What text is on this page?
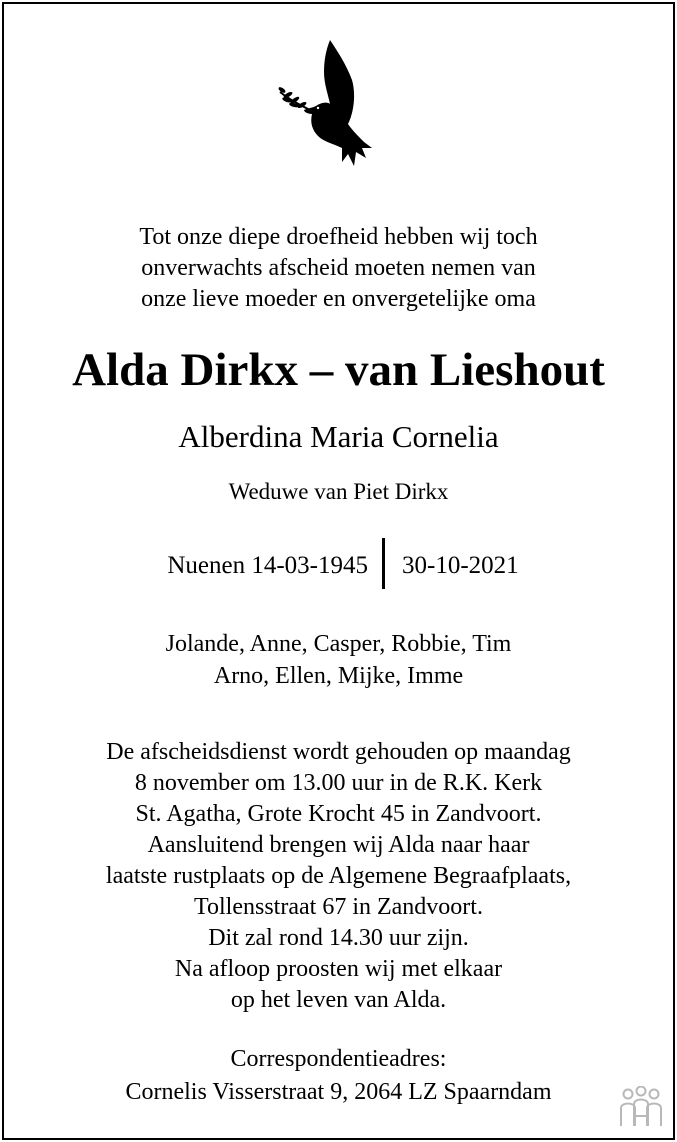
Tot onze diepe droefheid hebben wij toch
onverwachts afscheid moeten nemen van
onze lieve moeder en onvergetelijke oma
Alda Dirkx – van Lieshout
Alberdina Maria Cornelia
Weduwe van Piet Dirkx
Nuenen 14-03-1945 30-10-2021
Jolande, Anne, Casper, Robbie, Tim
Arno, Ellen, Mijke, Imme
De afscheidsdienst wordt gehouden op maandag
8 november om 13.00 uur in de R.K. Kerk
St. Agatha, Grote Krocht 45 in Zandvoort.
Aansluitend brengen wij Alda naar haar
laatste rustplaats op de Algemene Begraafplaats,
Tollensstraat 67 in Zandvoort.
Dit zal rond 14.30 uur zijn.
Na afloop proosten wij met elkaar
op het leven van Alda.
Correspondentieadres:
Cornelis Visserstraat 9, 2064 LZ Spaarndam
